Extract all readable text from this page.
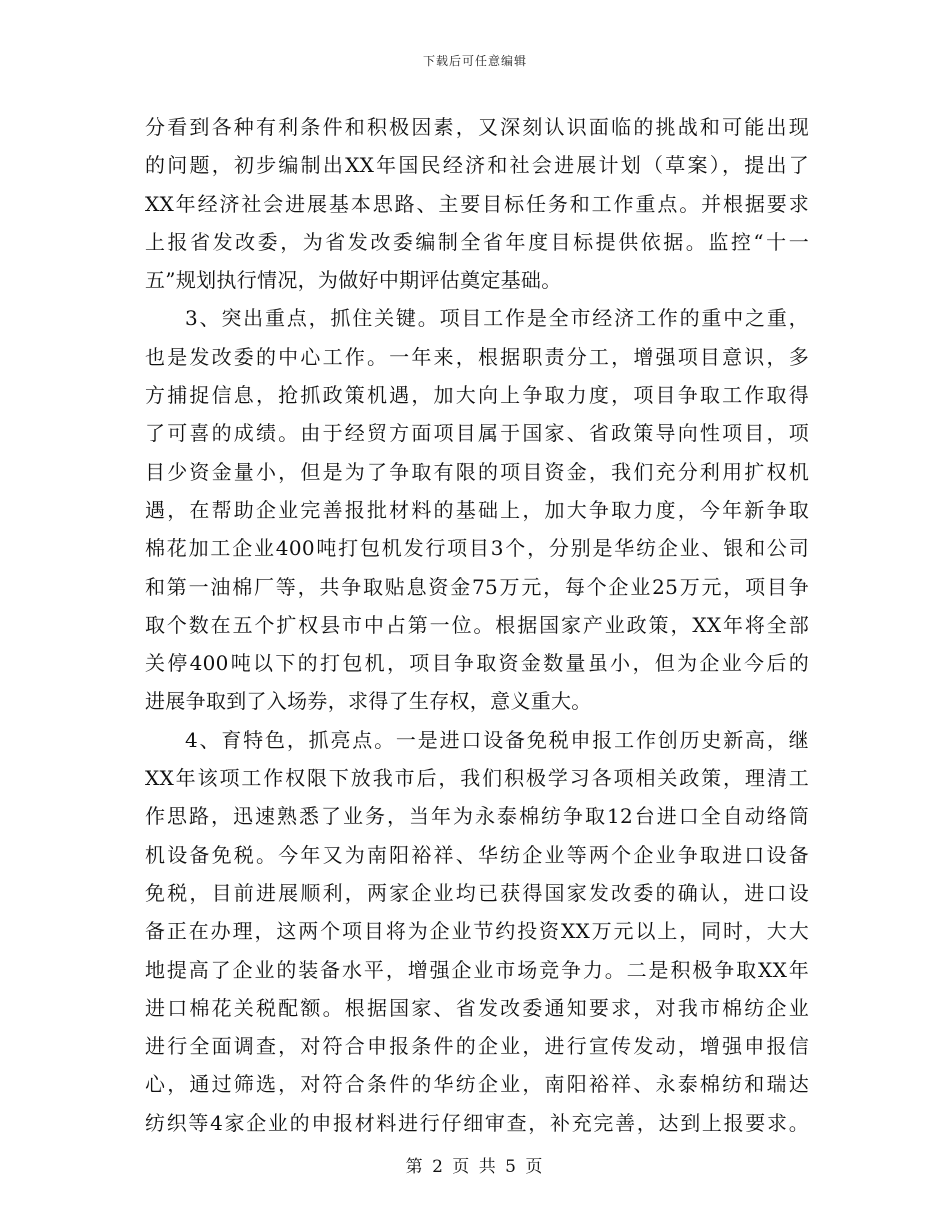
下载后可任意编辑
分看到各种有利条件和积极因素，又深刻认识面临的挑战和可能出现
的问题，初步编制出XX年国民经济和社会进展计划（草案），提出了
XX年经济社会进展基本思路、主要目标任务和工作重点。并根据要求
上报省发改委，为省发改委编制全省年度目标提供依据。监控“十一
五”规划执行情况，为做好中期评估奠定基础。
3、突出重点，抓住关键。项目工作是全市经济工作的重中之重，
也是发改委的中心工作。一年来，根据职责分工，增强项目意识，多
方捕捉信息，抢抓政策机遇，加大向上争取力度，项目争取工作取得
了可喜的成绩。由于经贸方面项目属于国家、省政策导向性项目，项
目少资金量小，但是为了争取有限的项目资金，我们充分利用扩权机
遇，在帮助企业完善报批材料的基础上，加大争取力度，今年新争取
棉花加工企业400吨打包机发行项目3个，分别是华纺企业、银和公司
和第一油棉厂等，共争取贴息资金75万元，每个企业25万元，项目争
取个数在五个扩权县市中占第一位。根据国家产业政策，XX年将全部
关停400吨以下的打包机，项目争取资金数量虽小，但为企业今后的
进展争取到了入场券，求得了生存权，意义重大。
4、育特色，抓亮点。一是进口设备免税申报工作创历史新高，继
XX年该项工作权限下放我市后，我们积极学习各项相关政策，理清工
作思路，迅速熟悉了业务，当年为永泰棉纺争取12台进口全自动络筒
机设备免税。今年又为南阳裕祥、华纺企业等两个企业争取进口设备
免税，目前进展顺利，两家企业均已获得国家发改委的确认，进口设
备正在办理，这两个项目将为企业节约投资XX万元以上，同时，大大
地提高了企业的装备水平，增强企业市场竞争力。二是积极争取XX年
进口棉花关税配额。根据国家、省发改委通知要求，对我市棉纺企业
进行全面调查，对符合申报条件的企业，进行宣传发动，增强申报信
心，通过筛选，对符合条件的华纺企业，南阳裕祥、永泰棉纺和瑞达
纺织等4家企业的申报材料进行仔细审查，补充完善，达到上报要求。
第 2 页 共 5 页
